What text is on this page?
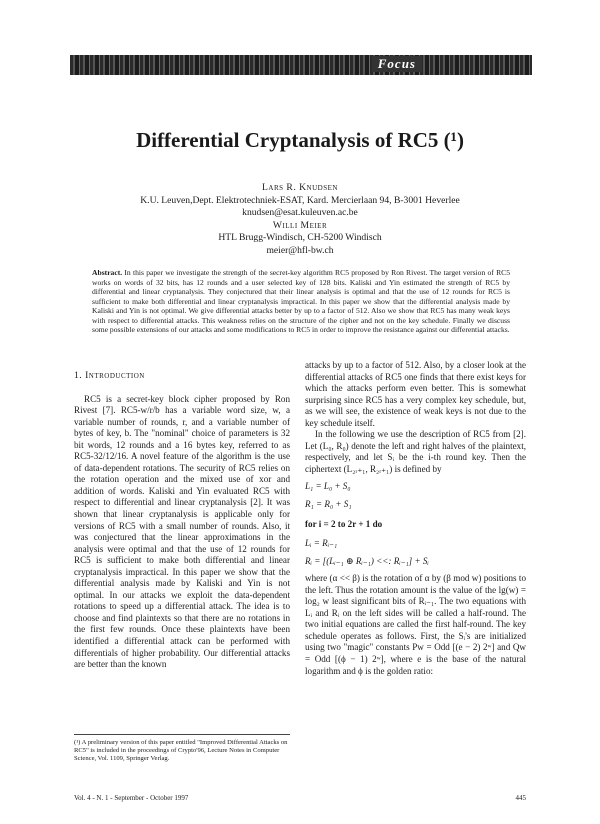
Focus
Differential Cryptanalysis of RC5 (¹)
Lars R. Knudsen
K.U. Leuven,Dept. Elektrotechniek-ESAT, Kard. Mercierlaan 94, B-3001 Heverlee
knudsen@esat.kuleuven.ac.be
Willi Meier
HTL Brugg-Windisch, CH-5200 Windisch
meier@hfl-bw.ch
Abstract. In this paper we investigate the strength of the secret-key algorithm RC5 proposed by Ron Rivest. The target version of RC5 works on words of 32 bits, has 12 rounds and a user selected key of 128 bits. Kaliski and Yin estimated the strength of RC5 by differential and linear cryptanalysis. They conjectured that their linear analysis is optimal and that the use of 12 rounds for RC5 is sufficient to make both differential and linear cryptanalysis impractical. In this paper we show that the differential analysis made by Kaliski and Yin is not optimal. We give differential attacks better by up to a factor of 512. Also we show that RC5 has many weak keys with respect to differential attacks. This weakness relies on the structure of the cipher and not on the key schedule. Finally we discuss some possible extensions of our attacks and some modifications to RC5 in order to improve the resistance against our differential attacks.
1. Introduction

RC5 is a secret-key block cipher proposed by Ron Rivest [7]. RC5-w/r/b has a variable word size, w, a variable number of rounds, r, and a variable number of bytes of key, b. The "nominal" choice of parameters is 32 bit words, 12 rounds and a 16 bytes key, referred to as RC5-32/12/16. A novel feature of the algorithm is the use of data-dependent rotations. The security of RC5 relies on the rotation operation and the mixed use of xor and addition of words. Kaliski and Yin evaluated RC5 with respect to differential and linear cryptanalysis [2]. It was shown that linear cryptanalysis is applicable only for versions of RC5 with a small number of rounds. Also, it was conjectured that the linear approximations in the analysis were optimal and that the use of 12 rounds for RC5 is sufficient to make both differential and linear cryptanalysis impractical. In this paper we show that the differential analysis made by Kaliski and Yin is not optimal. In our attacks we exploit the data-dependent rotations to speed up a differential attack. The idea is to choose and find plaintexts so that there are no rotations in the first few rounds. Once these plaintexts have been identified a differential attack can be performed with differentials of higher probability. Our differential attacks are better than the known

attacks by up to a factor of 512. Also, by a closer look at the differential attacks of RC5 one finds that there exist keys for which the attacks perform even better. This is somewhat surprising since RC5 has a very complex key schedule, but, as we will see, the existence of weak keys is not due to the key schedule itself.

In the following we use the description of RC5 from [2]. Let (L₀, R₀) denote the left and right halves of the plaintext, respectively, and let Sᵢ be the i-th round key. Then the ciphertext (L₂ᵣ₊₁, R₂ᵣ₊₁) is defined by

L₁ = L₀ + S₀
R₁ = R₀ + S₁
for i = 2 to 2r + 1 do
Lᵢ = Rᵢ₋₁
Rᵢ = [(Lᵢ₋₁ ⊕ Rᵢ₋₁) <<: Rᵢ₋₁] + Sᵢ

where (α << β) is the rotation of α by (β mod w) positions to the left. Thus the rotation amount is the value of the lg(w) = log₂ w least significant bits of Rᵢ₋₁. The two equations with Lᵢ and Rᵢ on the left sides will be called a half-round. The two initial equations are called the first half-round. The key schedule operates as follows. First, the Sᵢ's are initialized using two "magic" constants Pw = Odd [(e − 2) 2ʷ] and Qw = Odd [(ϕ − 1) 2ʷ], where e is the base of the natural logarithm and ϕ is the golden ratio:

(¹) A preliminary version of this paper entitled "Improved Differential Attacks on RC5" is included in the proceedings of Crypto'96, Lecture Notes in Computer Science, Vol. 1109, Springer Verlag.
Vol. 4 - N. 1 - September - October 1997	445
